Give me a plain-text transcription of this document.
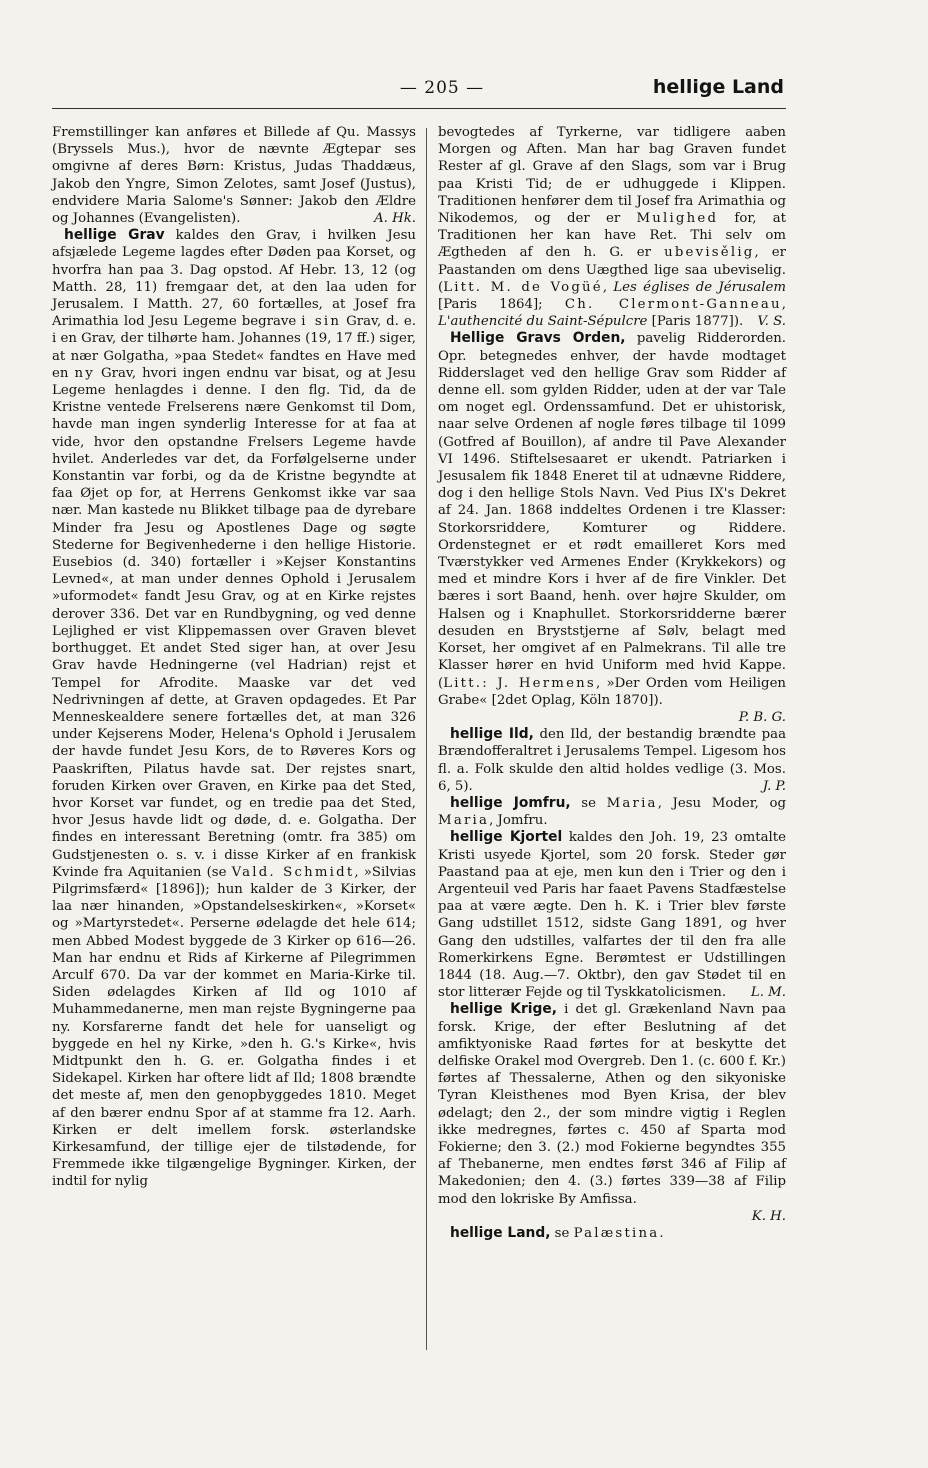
— 205 —	hellige Land

Fremstillinger kan anføres et Billede af Qu. Massys (Bryssels Mus.), hvor de nævnte Ægtepar ses omgivne af deres Børn: Kristus, Judas Thaddæus, Jakob den Yngre, Simon Zelotes, samt Josef (Justus), endvidere Maria Salome's Sønner: Jakob den Ældre og Johannes (Evangelisten).	A. Hk.

hellige Grav kaldes den Grav, i hvilken Jesu afsjælede Legeme lagdes efter Døden paa Korset, og hvorfra han paa 3. Dag opstod. Af Hebr. 13, 12 (og Matth. 28, 11) fremgaar det, at den laa uden for Jerusalem. I Matth. 27, 60 fortælles, at Josef fra Arimathia lod Jesu Legeme begrave i sin Grav, d. e. i en Grav, der tilhørte ham. Johannes (19, 17 ff.) siger, at nær Golgatha, »paa Stedet« fandtes en Have med en ny Grav, hvori ingen endnu var bisat, og at Jesu Legeme henlagdes i denne. I den flg. Tid, da de Kristne ventede Frelserens nære Genkomst til Dom, havde man ingen synderlig Interesse for at faa at vide, hvor den opstandne Frelsers Legeme havde hvilet. Anderledes var det, da Forfølgelserne under Konstantin var forbi, og da de Kristne begyndte at faa Øjet op for, at Herrens Genkomst ikke var saa nær. Man kastede nu Blikket tilbage paa de dyrebare Minder fra Jesu og Apostlenes Dage og søgte Stederne for Begivenhederne i den hellige Historie. Eusebios (d. 340) fortæller i »Kejser Konstantins Levned«, at man under dennes Ophold i Jerusalem »uformodet« fandt Jesu Grav, og at en Kirke rejstes derover 336. Det var en Rundbygning, og ved denne Lejlighed er vist Klippemassen over Graven blevet borthugget. Et andet Sted siger han, at over Jesu Grav havde Hedningerne (vel Hadrian) rejst et Tempel for Afrodite. Maaske var det ved Nedrivningen af dette, at Graven opdagedes. Et Par Menneskealdere senere fortælles det, at man 326 under Kejserens Moder, Helena's Ophold i Jerusalem der havde fundet Jesu Kors, de to Røveres Kors og Paaskriften, Pilatus havde sat. Der rejstes snart, foruden Kirken over Graven, en Kirke paa det Sted, hvor Korset var fundet, og en tredie paa det Sted, hvor Jesus havde lidt og døde, d. e. Golgatha. Der findes en interessant Beretning (omtr. fra 385) om Gudstjenesten o. s. v. i disse Kirker af en frankisk Kvinde fra Aquitanien (se Vald. Schmidt, »Silvias Pilgrimsfærd« [1896]); hun kalder de 3 Kirker, der laa nær hinanden, »Opstandelseskirken«, »Korset« og »Martyrstedet«. Perserne ødelagde det hele 614; men Abbed Modest byggede de 3 Kirker op 616—26. Man har endnu et Rids af Kirkerne af Pilegrimmen Arculf 670. Da var der kommet en Maria-Kirke til. Siden ødelagdes Kirken af Ild og 1010 af Muhammedanerne, men man rejste Bygningerne paa ny. Korsfarerne fandt det hele for uanseligt og byggede en hel ny Kirke, »den h. G.'s Kirke«, hvis Midtpunkt den h. G. er. Golgatha findes i et Sidekapel. Kirken har oftere lidt af Ild; 1808 brændte det meste af, men den genopbyggedes 1810. Meget af den bærer endnu Spor af at stamme fra 12. Aarh. Kirken er delt imellem forsk. østerlandske Kirkesamfund, der tillige ejer de tilstødende, for Fremmede ikke tilgængelige Bygninger. Kirken, der indtil for nylig

bevogtedes af Tyrkerne, var tidligere aaben Morgen og Aften. Man har bag Graven fundet Rester af gl. Grave af den Slags, som var i Brug paa Kristi Tid; de er udhuggede i Klippen. Traditionen henfører dem til Josef fra Arimathia og Nikodemos, og der er Mulighed for, at Traditionen her kan have Ret. Thi selv om Ægtheden af den h. G. er ubevisělig, er Paastanden om dens Uægthed lige saa ubeviselig. (Litt. M. de Vogüé, Les églises de Jérusalem [Paris 1864]; Ch. Clermont-Ganneau, L'authencité du Saint-Sépulcre [Paris 1877]).	V. S.

Hellige Gravs Orden, pavelig Ridderorden. Opr. betegnedes enhver, der havde modtaget Ridderslaget ved den hellige Grav som Ridder af denne ell. som gylden Ridder, uden at der var Tale om noget egl. Ordenssamfund. Det er uhistorisk, naar selve Ordenen af nogle føres tilbage til 1099 (Gotfred af Bouillon), af andre til Pave Alexander VI 1496. Stiftelsesaaret er ukendt. Patriarken i Jesusalem fik 1848 Eneret til at udnævne Riddere, dog i den hellige Stols Navn. Ved Pius IX's Dekret af 24. Jan. 1868 inddeltes Ordenen i tre Klasser: Storkorsriddere, Komturer og Riddere. Ordenstegnet er et rødt emailleret Kors med Tværstykker ved Armenes Ender (Krykkekors) og med et mindre Kors i hver af de fire Vinkler. Det bæres i sort Baand, henh. over højre Skulder, om Halsen og i Knaphullet. Storkorsridderne bærer desuden en Bryststjerne af Sølv, belagt med Korset, her omgivet af en Palmekrans. Til alle tre Klasser hører en hvid Uniform med hvid Kappe. (Litt.: J. Hermens, »Der Orden vom Heiligen Grabe« [2det Oplag, Köln 1870]).

P. B. G.

hellige Ild, den Ild, der bestandig brændte paa Brændofferaltret i Jerusalems Tempel. Ligesom hos fl. a. Folk skulde den altid holdes vedlige (3. Mos. 6, 5).	J. P.

hellige Jomfru, se Maria, Jesu Moder, og Maria, Jomfru.

hellige Kjortel kaldes den Joh. 19, 23 omtalte Kristi usyede Kjortel, som 20 forsk. Steder gør Paastand paa at eje, men kun den i Trier og den i Argenteuil ved Paris har faaet Pavens Stadfæstelse paa at være ægte. Den h. K. i Trier blev første Gang udstillet 1512, sidste Gang 1891, og hver Gang den udstilles, valfartes der til den fra alle Romerkirkens Egne. Berømtest er Udstillingen 1844 (18. Aug.—7. Oktbr), den gav Stødet til en stor litterær Fejde og til Tyskkatolicismen.	L. M.

hellige Krige, i det gl. Grækenland Navn paa forsk. Krige, der efter Beslutning af det amfiktyoniske Raad førtes for at beskytte det delfiske Orakel mod Overgreb. Den 1. (c. 600 f. Kr.) førtes af Thessalerne, Athen og den sikyoniske Tyran Kleisthenes mod Byen Krisa, der blev ødelagt; den 2., der som mindre vigtig i Reglen ikke medregnes, førtes c. 450 af Sparta mod Fokierne; den 3. (2.) mod Fokierne begyndtes 355 af Thebanerne, men endtes først 346 af Filip af Makedonien; den 4. (3.) førtes 339—38 af Filip mod den lokriske By Amfissa.

K. H.

hellige Land, se Palæstina.
